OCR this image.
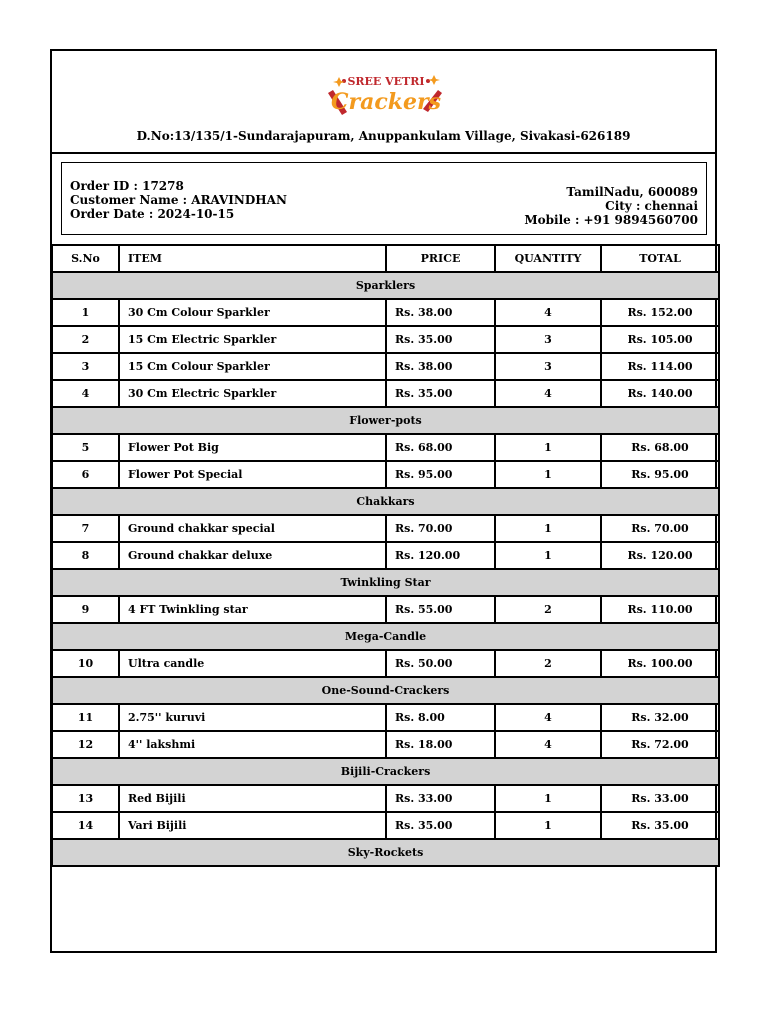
SREE VETRI
Crackers
D.No:13/135/1-Sundarajapuram, Anuppankulam Village, Sivakasi-626189
Order ID : 17278
Customer Name : ARAVINDHAN
Order Date : 2024-10-15
TamilNadu, 600089
City : chennai
Mobile : +91 9894560700
S.No	ITEM	PRICE	QUANTITY	TOTAL
Sparklers				
1	30 Cm Colour Sparkler	Rs. 38.00	4	Rs. 152.00
2	15 Cm Electric Sparkler	Rs. 35.00	3	Rs. 105.00
3	15 Cm Colour Sparkler	Rs. 38.00	3	Rs. 114.00
4	30 Cm Electric Sparkler	Rs. 35.00	4	Rs. 140.00
Flower-pots				
5	Flower Pot Big	Rs. 68.00	1	Rs. 68.00
6	Flower Pot Special	Rs. 95.00	1	Rs. 95.00
Chakkars				
7	Ground chakkar special	Rs. 70.00	1	Rs. 70.00
8	Ground chakkar deluxe	Rs. 120.00	1	Rs. 120.00
Twinkling Star				
9	4 FT Twinkling star	Rs. 55.00	2	Rs. 110.00
Mega-Candle				
10	Ultra candle	Rs. 50.00	2	Rs. 100.00
One-Sound-Crackers				
11	2.75'' kuruvi	Rs. 8.00	4	Rs. 32.00
12	4'' lakshmi	Rs. 18.00	4	Rs. 72.00
Bijili-Crackers				
13	Red Bijili	Rs. 33.00	1	Rs. 33.00
14	Vari Bijili	Rs. 35.00	1	Rs. 35.00
Sky-Rockets				
